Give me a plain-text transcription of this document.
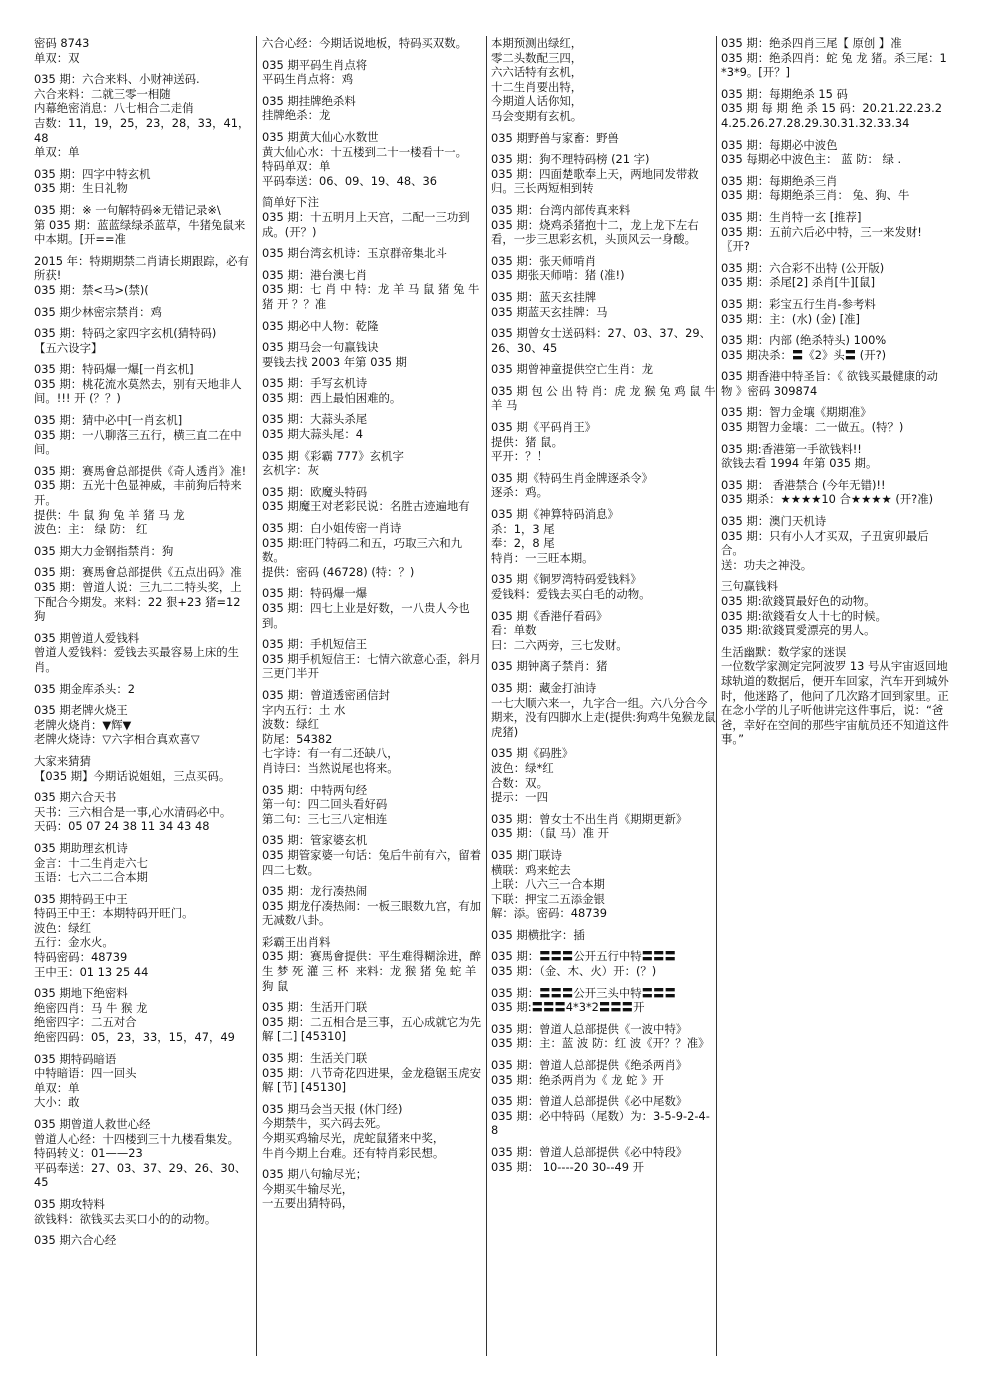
密码 8743
单双：双
035 期：六合来料、小财神送码.
六合来料：二就三零一相随
内幕绝密消息：八七相合二走俏
吉数：11，19，25，23，28，33，41，48
单双：单
035 期：四字中特玄机
035 期：生日礼物
035 期：※ 一句解特码※无错记录※\
第 035 期：蓝蓝绿绿杀蓝草，牛猪兔鼠来中本期。[开==准
2015 年：特期期禁二肖请长期跟踪，必有所获!
035 期：禁<马>(禁)(
035 期少林密宗禁肖：鸡
035 期：特码之家四字玄机(猜特码)
【五六设字】
035 期：特码爆一爆[一肖玄机]
035 期：桃花流水莫然去，别有天地非人间。!!! 开 (？？)
035 期：猜中必中[一肖玄机]
035 期：一八聊落三五行，横三直二在中间。
035 期：赛馬會总部提供《奇人透肖》准!
035 期：五光十色显神威，丰前狗后特来开。
提供：牛 鼠 狗 兔 羊 猪 马 龙
波色：主： 绿 防： 红
035 期大力金钢指禁肖：狗
035 期：赛馬會总部提供《五点出码》准
035 期：曾道人说：三九二二特头奖，上下配合今期发。来料：22 狠+23 猪=12 狗
035 期曾道人爱钱料
曾道人爱钱料：爱钱去买最容易上床的生肖。
035 期金库杀头：2
035 期老牌火烧王
老牌火烧肖：▼辉▼
老牌火烧诗：▽六字相合真欢喜▽
大家来猜猜
【035 期】今期话说姐姐，三点买码。
035 期六合天书
天书：三六相合是一事,心水清码必中。
天码：05 07 24 38 11 34 43 48
035 期助理玄机诗
金言：十二生肖走六七
玉语：七六二二合本期
035 期特码王中王
特码王中王：本期特码开旺门。
波色：绿红
五行：金水火。
特码密码：48739
王中王：01 13 25 44
035 期地下绝密料
绝密四肖：马 牛 猴 龙
绝密四字：二五对合
绝密四码：05，23，33，15，47，49
035 期特码暗语
中特暗语：四一回头
单双：单
大小：敢
035 期曾道人救世心经
曾道人心经：十四楼到三十九楼看集发。
特码转义：01——23
平码奉送：27、03、37、29、26、30、45
035 期攻特料
欲钱料：欲钱买去买口小的的动物。
035 期六合心经
六合心经：今期话说地板，特码买双数。
035 期平码生肖点将
平码生肖点将：鸡
035 期挂牌绝杀料
挂牌绝杀：龙
035 期黄大仙心水数世
黄大仙心水：十五楼到二十一楼看十一。
特码单双：单
平码奉送：06、09、19、48、36
简单好下注
035 期：十五明月上天宫，二配一三功到成。(开？)
035 期台湾玄机诗：玉京群帝集北斗
035 期：港台澳七肖
035 期：七 肖 中 特：龙 羊 马 鼠 猪 兔 牛 猪 开 ？？准
035 期必中人物：乾隆
035 期马会一句赢钱诀
要钱去找 2003 年第 035 期
035 期：手写玄机诗
035 期：西上最怕困难的。
035 期：大蒜头杀尾
035 期大蒜头尾：4
035 期《彩霸 777》玄机字
玄机字：灰
035 期：欧魔头特码
035 期魔王对老彩民说：名胜古迹遍地有
035 期：白小姐传密一肖诗
035 期:旺门特码二和五，巧取三六和九数。
提供：密码 (46728) (特：？)
035 期：特码爆一爆
035 期：四七上业是好数，一八贵人今也到。
035 期：手机短信王
035 期手机短信王：七情六欲意心歪，斜月三更门半开
035 期：曾道透密函信封
字内五行：土 水
波数：绿红
防尾：54382
七字诗：有一有二还缺八，
肖诗曰：当然说尾也将来。
035 期：中特两句经
第一句：四二回头看好码
第二句：三七三八定相连
035 期：管家婆玄机
035 期管家婆一句话：兔后牛前有六，留着四二七数。
035 期：龙行凑热闹
035 期龙仔凑热闹：一板三眼数九宫，有加无减数八卦。
彩霸王出肖料
035 期：赛馬會提供：平生难得糊涂进，醉 生 梦 死 灌 三 杯  来料：龙 猴 猪 兔 蛇 羊 狗 鼠
035 期：生活开门联
035 期：二五相合是三事，五心成就它为先解 [二] [45310]
035 期：生活关门联
035 期：八节奇花四进果，金龙稳锯玉虎安解 [节] [45130]
035 期马会当天报 (休门经)
今期禁牛，买六码去死。
今期买鸡输尽光，虎蛇鼠猪来中奖，
牛肖今期上台难。还有特肖彩民想。
035 期八句输尽光；
今期买牛输尽光，
一五要出猜特码，
本期预测出绿红，
零二头数配三四，
六六话特有玄机，
十二生肖要出特，
今期道人话你知，
马会变期有玄机。
035 期野兽与家畜：野兽
035 期：狗不理特码榜 (21 字)
035 期：四面楚歌奉上天，两地同发带救归。三长两短相到转
035 期：台湾内部传真来料
035 期：烧鸡杀猪抱十二，龙上龙下左右看，一步三思彩玄机，头顶风云一身酸。
035 期：张天师啃肖
035 期张天师啃：猪 (准!)
035 期：蓝天玄挂牌
035 期蓝天玄挂牌：马
035 期曾女士送码料：27、03、37、29、26、30、45
035 期曾神童提供空亡生肖：龙
035 期 包 公 出 特 肖：虎 龙 猴 兔 鸡 鼠 牛 羊 马
035 期《平码肖王》
提供：猪 鼠。
平开：？！
035 期《特码生肖金牌逐杀令》
逐杀：鸡。
035 期《神算特码消息》
杀：1，3 尾
奉：2，8 尾
特肖：一三旺本期。
035 期《铜罗湾特码爱钱料》
爱钱料：爱钱去买白毛的动物。
035 期《香港仔看码》
看：单数
曰：二六两旁，三七发财。
035 期钟离子禁肖：猪
035 期：藏金打油诗
一七大顺六来一，九字合一组。六八分合今期来，没有四脚水上走(提供:狗鸡牛兔猴龙鼠虎猪)
035 期《码胜》
波色：绿*红
合数：双。
提示：一四
035 期：曾女士不出生肖《期期更新》
035 期：（鼠 马）准 开
035 期门联诗
横联：鸡来蛇去
上联：八六三一合本期
下联：押宝二五添金银
解：添。密码：48739
035 期横批字：插
035 期：〓〓〓公开五行中特〓〓〓
035 期：（金、木、火）开：(？)
035 期：〓〓〓公开三头中特〓〓〓
035 期:〓〓〓4*3*2〓〓〓开
035 期：曾道人总部提供《一波中特》
035 期：主：蓝 波 防：红 波《开？？准》
035 期：曾道人总部提供《绝杀两肖》
035 期：绝杀两肖为《 龙 蛇 》开
035 期：曾道人总部提供《必中尾数》
035 期：必中特码（尾数）为：3-5-9-2-4-8
035 期：曾道人总部提供《必中特段》
035 期： 10----20 30--49 开
035 期：绝杀四肖三尾【 原创 】准
035 期：绝杀四肖：蛇 兔 龙 猪。杀三尾：1*3*9。[开？]
035 期：每期绝杀 15 码
035 期 每 期 绝 杀 15 码：20.21.22.23.24.25.26.27.28.29.30.31.32.33.34
035 期：每期必中波色
035 每期必中波色主： 蓝 防： 绿 .
035 期：每期绝杀三肖
035 期：每期绝杀三肖： 兔、狗、牛
035 期：生肖特一玄 [推荐]
035 期：五前六后必中特，三一来发财!〖开?
035 期：六合彩不出特 (公开版)
035 期：杀尾[2] 杀肖[牛][鼠]
035 期：彩宝五行生肖-参考料
035 期：主：(水) (金) [准]
035 期：内部 (绝杀特头) 100%
035 期决杀：〓《2》头〓 (开?)
035 期香港中特圣旨：《 欲钱买最健康的动物 》密码 309874
035 期：智力金壤《期期准》
035 期智力金壤：二一做五。(特？)
035 期:香港第一手欲钱料!!
欲钱去看 1994 年第 035 期。
035 期： 香港禁合 (今年无错)!!
035 期杀：★★★★10 合★★★★ (开?准)
035 期：澳门天机诗
035 期：只有小人才买双，子丑寅卯最后合。
送：功夫之神没。
三句赢钱料
035 期:欲錢買最好色的动物。
035 期:欲錢看女人十七的时候。
035 期:欲錢買愛漂亮的男人。
生活幽默：数学家的迷误
一位数学家测定完阿波罗 13 号从宇宙返回地球轨道的数据后，便开车回家，汽车开到城外时，他迷路了，他问了几次路才回到家里。正在念小学的儿子听他讲完这件事后，说：“爸爸，幸好在空间的那些宇宙航员还不知道这件事。”
